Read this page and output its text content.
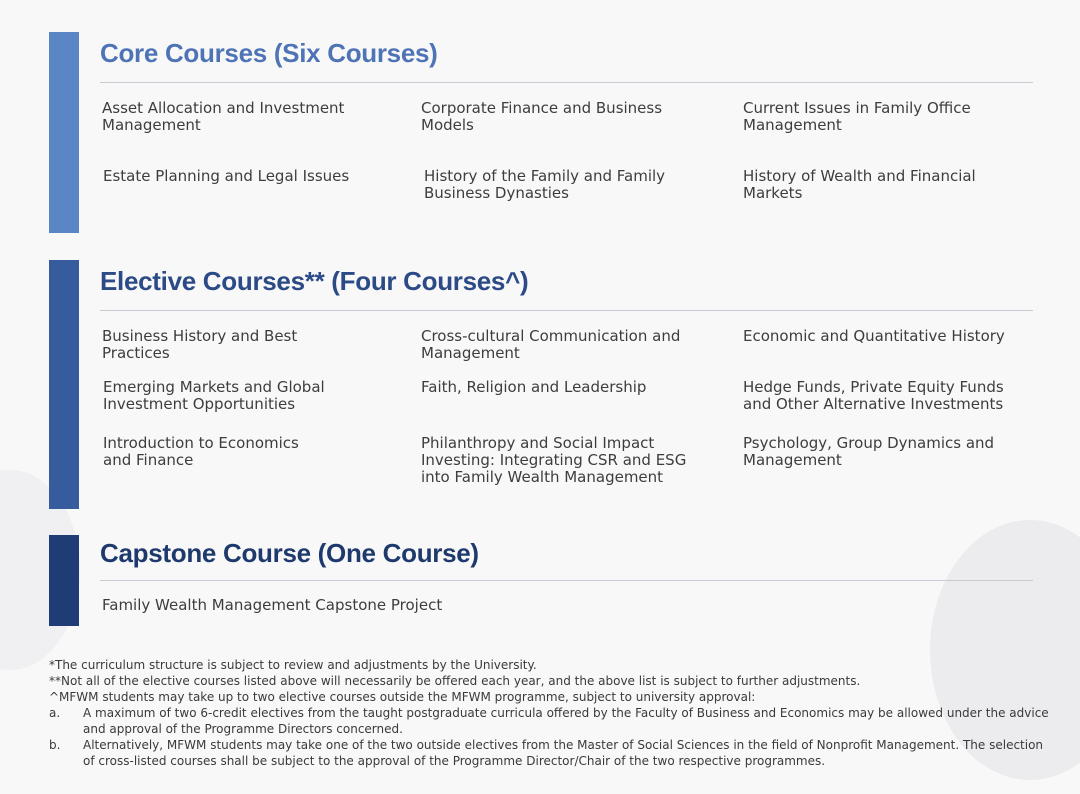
Core Courses (Six Courses)

Asset Allocation and Investment Management

Corporate Finance and Business Models

Current Issues in Family Office Management

Estate Planning and Legal Issues	History of the Family and Family Business Dynasties

History of Wealth and Financial Markets

Elective Courses** (Four Courses^)

Business History and Best Practices

Cross-cultural Communication and Management

Economic and Quantitative History

Emerging Markets and Global Investment Opportunities

Faith, Religion and Leadership	Hedge Funds, Private Equity Funds and Other Alternative Investments

Introduction to Economics and Finance

Philanthropy and Social Impact Investing: Integrating CSR and ESG into Family Wealth Management

Psychology, Group Dynamics and Management

Capstone Course (One Course)

Family Wealth Management Capstone Project

*The curriculum structure is subject to review and adjustments by the University.

**Not all of the elective courses listed above will necessarily be offered each year, and the above list is subject to further adjustments.

^MFWM students may take up to two elective courses outside the MFWM programme, subject to university approval:

a. A maximum of two 6-credit electives from the taught postgraduate curricula offered by the Faculty of Business and Economics may be allowed under the advice and approval of the Programme Directors concerned.
b. Alternatively, MFWM students may take one of the two outside electives from the Master of Social Sciences in the field of Nonprofit Management. The selection of cross-listed courses shall be subject to the approval of the Programme Director/Chair of the two respective programmes.
